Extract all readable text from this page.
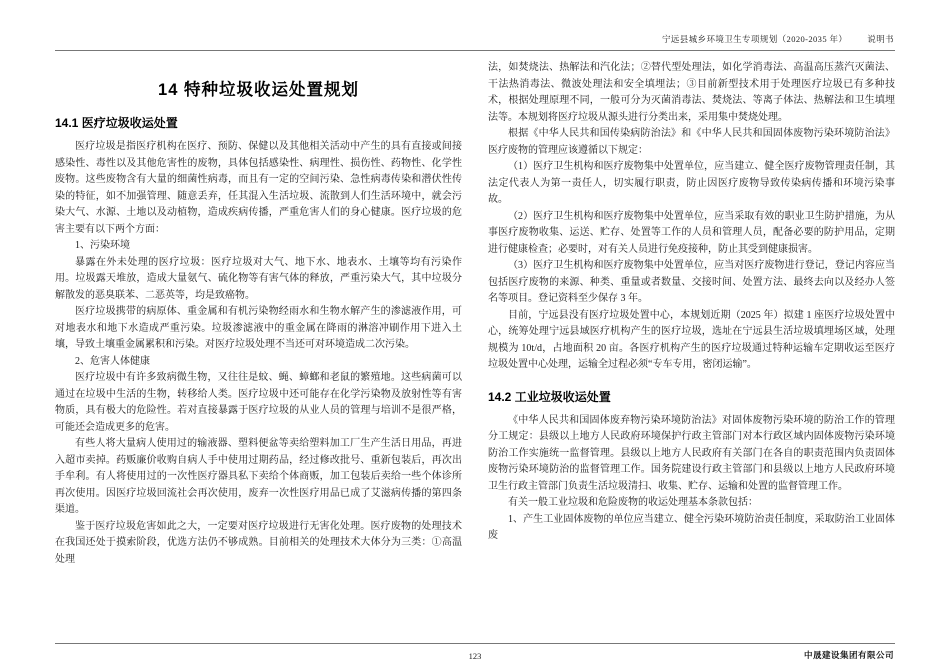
宁远县城乡环境卫生专项规划（2020-2035 年） 说明书
14 特种垃圾收运处置规划
14.1 医疗垃圾收运处置

医疗垃圾是指医疗机构在医疗、预防、保健以及其他相关活动中产生的具有直接或间接感染性、毒性以及其他危害性的废物，具体包括感染性、病理性、损伤性、药物性、化学性废物。这些废物含有大量的细菌性病毒，而且有一定的空间污染、急性病毒传染和潜伏性传染的特征，如不加强管理、随意丢弃，任其混入生活垃圾、流散到人们生活环境中，就会污染大气、水源、土地以及动植物，造成疾病传播，严重危害人们的身心健康。医疗垃圾的危害主要有以下两个方面：

1、污染环境

暴露在外未处理的医疗垃圾：医疗垃圾对大气、地下水、地表水、土壤等均有污染作用。垃圾露天堆放，造成大量氨气、硫化物等有害气体的释放，严重污染大气，其中垃圾分解散发的恶臭联苯、二恶英等，均是致癌物。

医疗垃圾携带的病原体、重金属和有机污染物经雨水和生物水解产生的渗滤液作用，可对地表水和地下水造成严重污染。垃圾渗滤液中的重金属在降雨的淋溶冲刷作用下进入土壤，导致土壤重金属累积和污染。对医疗垃圾处理不当还可对环境造成二次污染。

2、危害人体健康

医疗垃圾中有许多致病微生物，又往往是蚊、蝇、蟑螂和老鼠的繁殖地。这些病菌可以通过在垃圾中生活的生物，转移给人类。医疗垃圾中还可能存在化学污染物及放射性等有害物质，具有极大的危险性。若对直接暴露于医疗垃圾的从业人员的管理与培训不是很严格，可能还会造成更多的危害。

有些人将大量病人使用过的输液器、塑料便盆等卖给塑料加工厂生产生活日用品，再进入超市卖掉。药贩廉价收购自病人手中使用过期药品，经过修改批号、重新包装后，再次出手牟利。有人将使用过的一次性医疗器具私下卖给个体商贩，加工包装后卖给一些个体诊所再次使用。因医疗垃圾回流社会再次使用，废弃一次性医疗用品已成了艾滋病传播的第四条渠道。

鉴于医疗垃圾危害如此之大，一定要对医疗垃圾进行无害化处理。医疗废物的处理技术在我国还处于摸索阶段，优选方法仍不够成熟。目前相关的处理技术大体分为三类：①高温处理

法，如焚烧法、热解法和汽化法；②替代型处理法，如化学消毒法、高温高压蒸汽灭菌法、干法热消毒法、微波处理法和安全填埋法；③目前新型技术用于处理医疗垃圾已有多种技术，根据处理原理不同，一般可分为灭菌消毒法、焚烧法、等离子体法、热解法和卫生填埋法等。本规划将医疗垃圾从源头进行分类出来，采用集中焚烧处理。

根据《中华人民共和国传染病防治法》和《中华人民共和国固体废物污染环境防治法》医疗废物的管理应该遵循以下规定：

（1）医疗卫生机构和医疗废物集中处置单位，应当建立、健全医疗废物管理责任制，其法定代表人为第一责任人，切实履行职责，防止因医疗废物导致传染病传播和环境污染事故。

（2）医疗卫生机构和医疗废物集中处置单位，应当采取有效的职业卫生防护措施，为从事医疗废物收集、运送、贮存、处置等工作的人员和管理人员，配备必要的防护用品，定期进行健康检查；必要时，对有关人员进行免疫接种，防止其受到健康损害。

（3）医疗卫生机构和医疗废物集中处置单位，应当对医疗废物进行登记，登记内容应当包括医疗废物的来源、种类、重量或者数量、交接时间、处置方法、最终去向以及经办人签名等项目。登记资料至少保存 3 年。

目前，宁远县没有医疗垃圾处置中心，本规划近期（2025 年）拟建 1 座医疗垃圾处置中心，统筹处理宁远县域医疗机构产生的医疗垃圾，选址在宁远县生活垃圾填埋场区域，处理规模为 10t/d，占地面积 20 亩。各医疗机构产生的医疗垃圾通过特种运输车定期收运至医疗垃圾处置中心处理，运输全过程必须“专车专用，密闭运输”。

14.2 工业垃圾收运处置

《中华人民共和国固体废弃物污染环境防治法》对固体废物污染环境的防治工作的管理分工规定：县级以上地方人民政府环境保护行政主管部门对本行政区域内固体废物污染环境防治工作实施统一监督管理。县级以上地方人民政府有关部门在各自的职责范围内负责固体废物污染环境防治的监督管理工作。国务院建设行政主管部门和县级以上地方人民政府环境卫生行政主管部门负责生活垃圾清扫、收集、贮存、运输和处置的监督管理工作。

有关一般工业垃圾和危险废物的收运处理基本条款包括：

1、产生工业固体废物的单位应当建立、健全污染环境防治责任制度，采取防治工业固体废

123	中晟建设集团有限公司
